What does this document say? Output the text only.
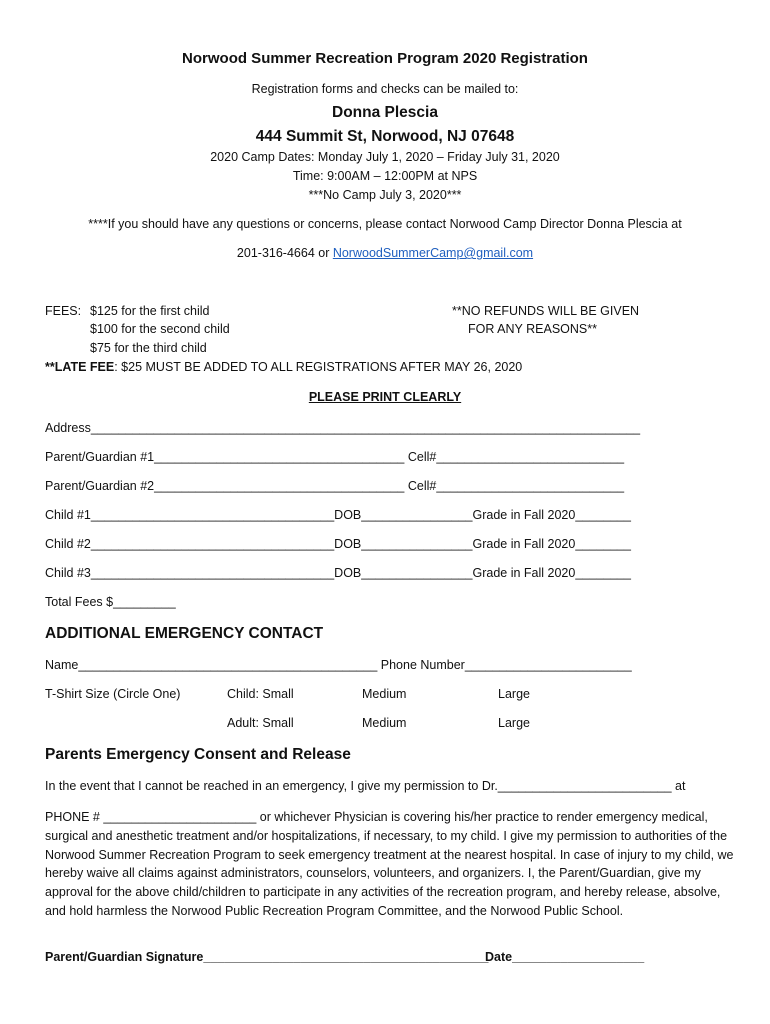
Norwood Summer Recreation Program 2020 Registration
Registration forms and checks can be mailed to:
Donna Plescia
444 Summit St, Norwood, NJ 07648
2020 Camp Dates: Monday July 1, 2020 – Friday July 31, 2020
Time: 9:00AM – 12:00PM at NPS
***No Camp July 3, 2020***
****If you should have any questions or concerns, please contact Norwood Camp Director Donna Plescia at
201-316-4664 or NorwoodSummerCamp@gmail.com
FEES: $125 for the first child
$100 for the second child
$75 for the third child
**NO REFUNDS WILL BE GIVEN
FOR ANY REASONS**
**LATE FEE: $25 MUST BE ADDED TO ALL REGISTRATIONS AFTER MAY 26, 2020
PLEASE PRINT CLEARLY
Address_______________________________________________________________________________
Parent/Guardian #1____________________________________ Cell#___________________________
Parent/Guardian #2____________________________________ Cell#___________________________
Child #1___________________________________DOB________________Grade in Fall 2020________
Child #2___________________________________DOB________________Grade in Fall 2020________
Child #3___________________________________DOB________________Grade in Fall 2020________
Total Fees $_________
ADDITIONAL EMERGENCY CONTACT
Name___________________________________________ Phone Number________________________
T-Shirt Size (Circle One)	Child: Small	Medium	Large
Adult: Small	Medium	Large
Parents Emergency Consent and Release
In the event that I cannot be reached in an emergency, I give my permission to Dr._________________________ at
PHONE # ______________________ or whichever Physician is covering his/her practice to render emergency medical, surgical and anesthetic treatment and/or hospitalizations, if necessary, to my child. I give my permission to authorities of the Norwood Summer Recreation Program to seek emergency treatment at the nearest hospital. In case of injury to my child, we hereby waive all claims against administrators, counselors, volunteers, and organizers. I, the Parent/Guardian, give my approval for the above child/children to participate in any activities of the recreation program, and hereby release, absolve, and hold harmless the Norwood Public Recreation Program Committee, and the Norwood Public School.
Parent/Guardian Signature_________________________________________
Date___________________
